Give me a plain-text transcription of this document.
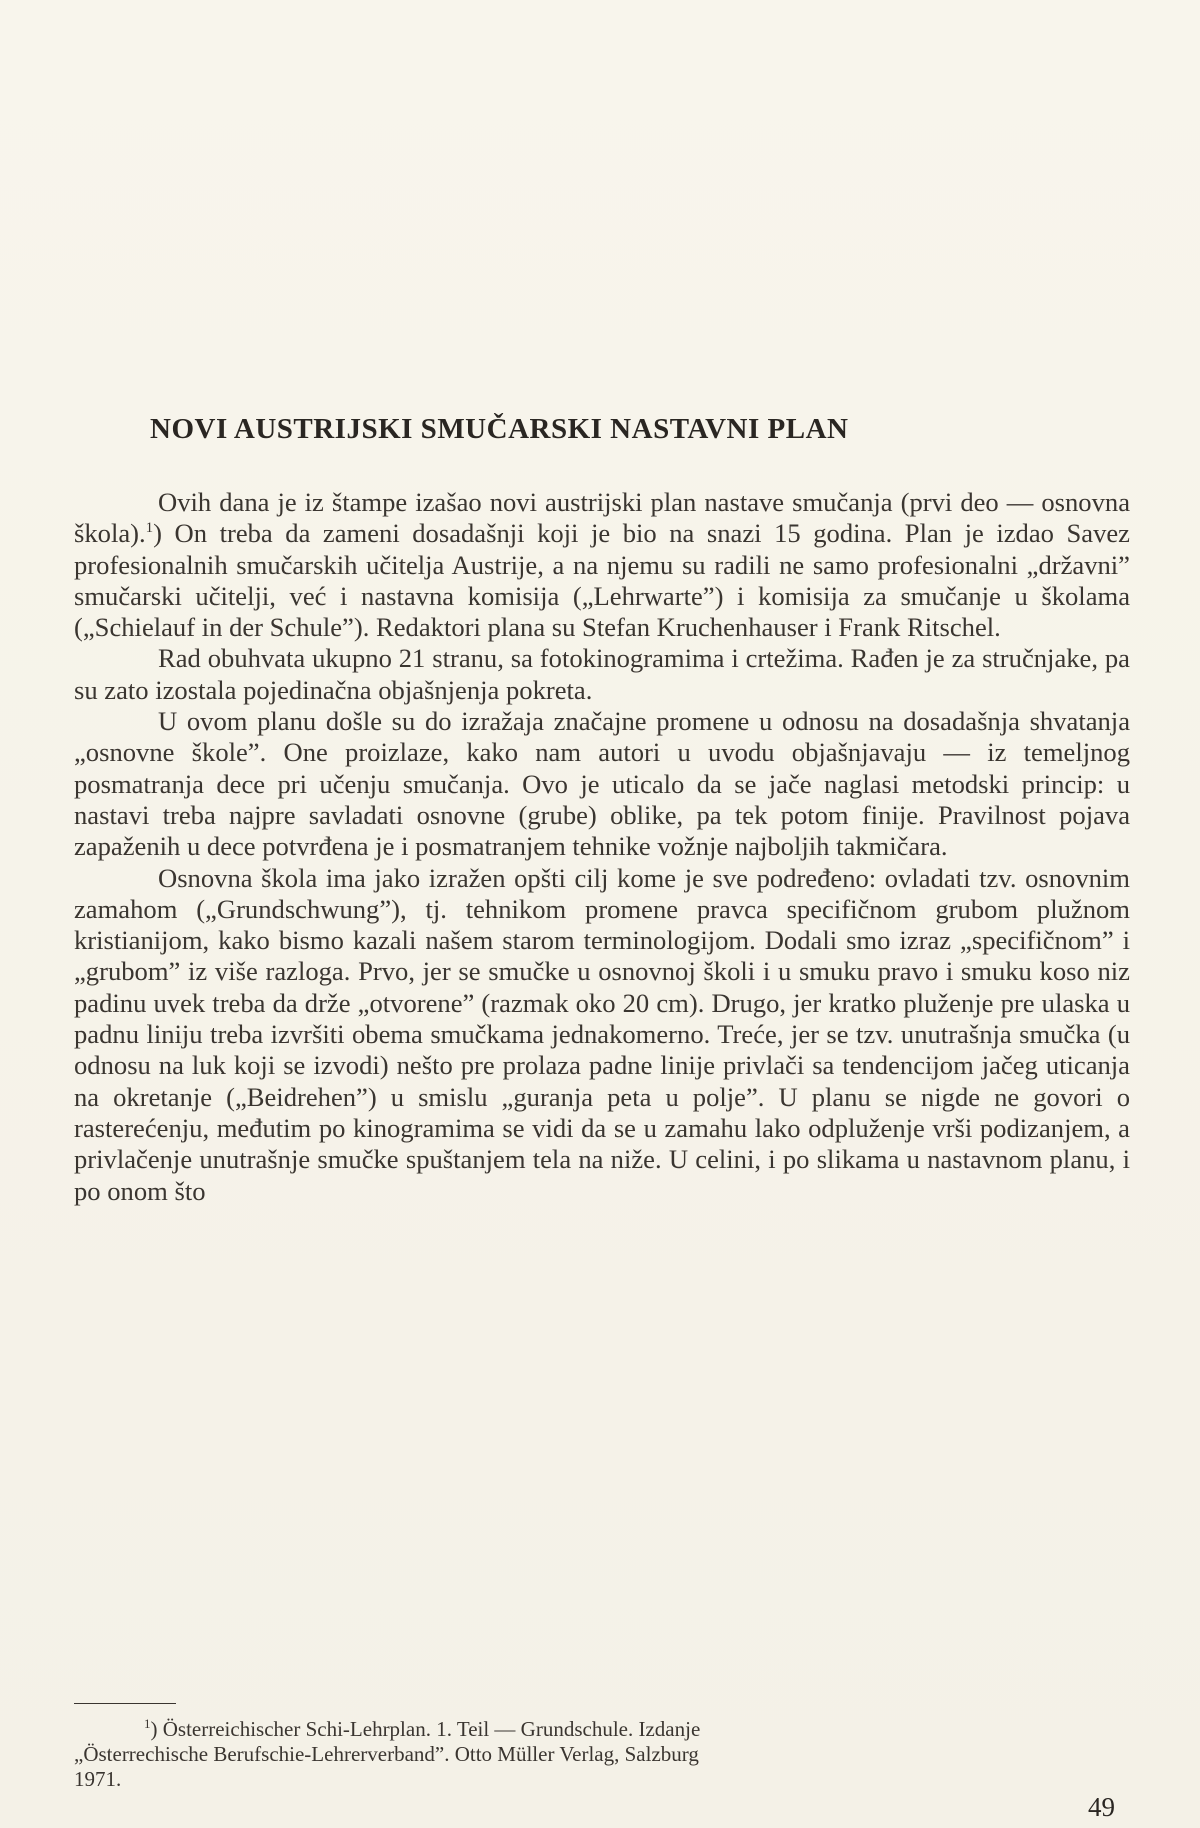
NOVI AUSTRIJSKI SMUČARSKI NASTAVNI PLAN

Ovih dana je iz štampe izašao novi austrijski plan nastave smučanja (prvi deo — osnovna škola).$^1$) On treba da zameni dosadašnji koji je bio na snazi 15 godina. Plan je izdao Savez profesionalnih smučarskih učitelja Austrije, a na njemu su radili ne samo profesionalni „državni” smučarski učitelji, već i nastavna komisija („Lehrwarte”) i komisija za smučanje u školama („Schielauf in der Schule”). Redaktori plana su Stefan Kruchenhauser i Frank Ritschel.

Rad obuhvata ukupno 21 stranu, sa fotokinogramima i crtežima. Rađen je za stručnjake, pa su zato izostala pojedinačna objašnjenja pokreta.

U ovom planu došle su do izražaja značajne promene u odnosu na dosadašnja shvatanja „osnovne škole”. One proizlaze, kako nam autori u uvodu objašnjavaju — iz temeljnog posmatranja dece pri učenju smučanja. Ovo je uticalo da se jače naglasi metodski princip: u nastavi treba najpre savladati osnovne (grube) oblike, pa tek potom finije. Pravilnost pojava zapaženih u dece potvrđena je i posmatranjem tehnike vožnje najboljih takmičara.

Osnovna škola ima jako izražen opšti cilj kome je sve podređeno: ovladati tzv. osnovnim zamahom („Grundschwung”), tj. tehnikom promene pravca specifičnom grubom plužnom kristianijom, kako bismo kazali našem starom terminologijom. Dodali smo izraz „specifičnom” i „grubom” iz više razloga. Prvo, jer se smučke u osnovnoj školi i u smuku pravo i smuku koso niz padinu uvek treba da drže „otvorene” (razmak oko 20 cm). Drugo, jer kratko pluženje pre ulaska u padnu liniju treba izvršiti obema smučkama jednakomerno. Treće, jer se tzv. unutrašnja smučka (u odnosu na luk koji se izvodi) nešto pre prolaza padne linije privlači sa tendencijom jačeg uticanja na okretanje („Beidrehen”) u smislu „guranja peta u polje”. U planu se nigde ne govori o rasterećenju, međutim po kinogramima se vidi da se u zamahu lako odpluženje vrši podizanjem, a privlačenje unutrašnje smučke spuštanjem tela na niže. U celini, i po slikama u nastavnom planu, i po onom što

$^1$) Österreichischer Schi-Lehrplan. 1. Teil — Grundschule. Izdanje
„Österrechische Berufschie-Lehrerverband”. Otto Müller Verlag, Salzburg
1971.
49
